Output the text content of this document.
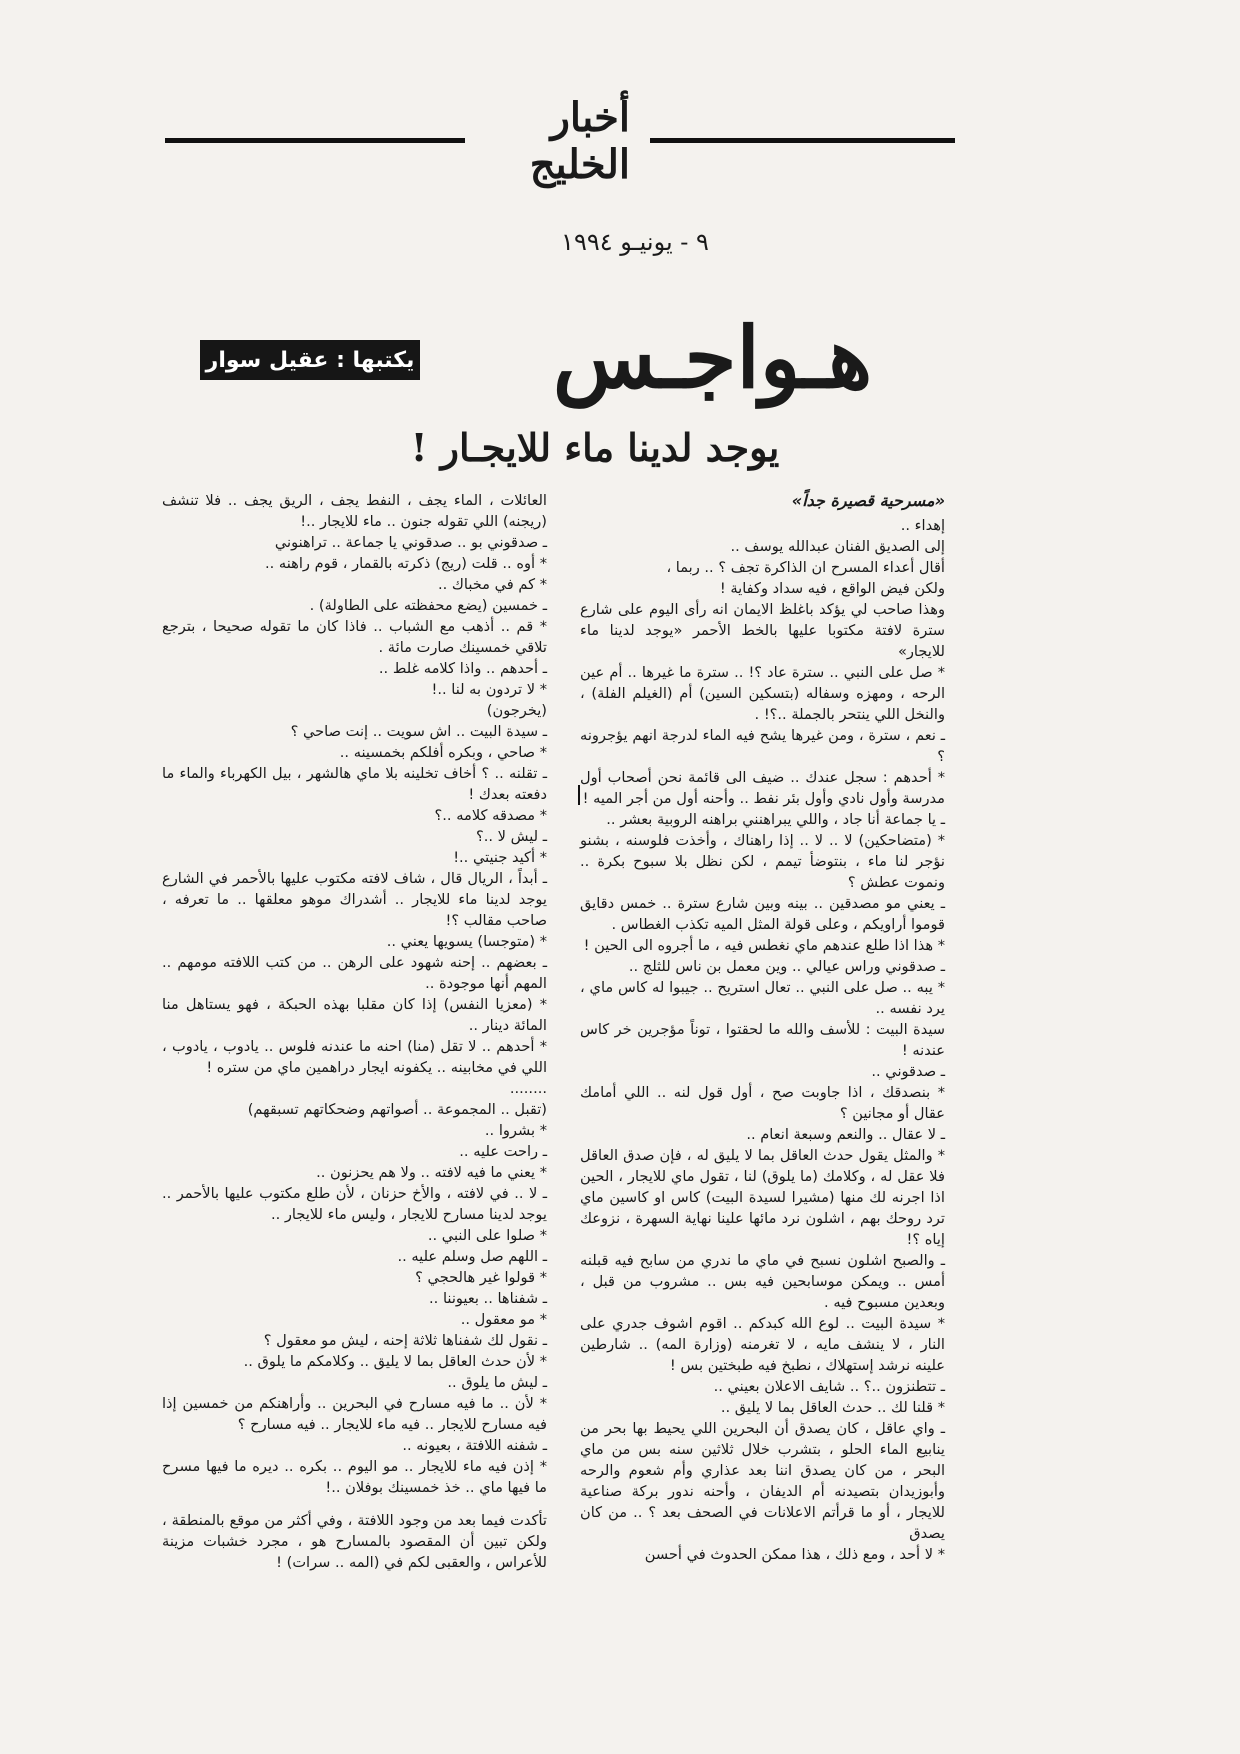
أخبار الخليج
٩ - يونيـو ١٩٩٤
هـواجـس
يكتبها : عقيل سوار
يوجد لدينا ماء للايجـار !

«مسرحية قصيرة جداً»

إهداء ..

إلى الصديق الفنان عبدالله يوسف ..

أقال أعداء المسرح ان الذاكرة تجف ؟ .. ربما ،

ولكن فيض الواقع ، فيه سداد وكفاية !

وهذا صاحب لي يؤكد باغلظ الايمان انه رأى اليوم على شارع سترة لافتة مكتوبا عليها بالخط الأحمر «يوجد لدينا ماء للايجار»

* صل على النبي .. سترة عاد ؟! .. سترة ما غيرها .. أم عين الرحه ، ومهزه وسفاله (بتسكين السين) أم (الغيلم الفلة) ، والنخل اللي ينتحر بالجملة ..؟! .

ـ نعم ، سترة ، ومن غيرها يشح فيه الماء لدرجة انهم يؤجرونه ؟

* أحدهم : سجل عندك .. ضيف الى قائمة نحن أصحاب أول مدرسة وأول نادي وأول بئر نفط .. وأحنه أول من أجر الميه !

ـ يا جماعة أنا جاد ، واللي يبراهنني براهنه الروبية بعشر ..

* (متضاحكين) لا .. لا .. إذا راهناك ، وأخذت فلوسنه ، بشنو نؤجر لنا ماء ، بنتوضأ تيمم ، لكن نظل بلا سبوح بكرة .. ونموت عطش ؟

ـ يعني مو مصدقين .. بينه وبين شارع سترة .. خمس دقايق قوموا أراويكم ، وعلى قولة المثل الميه تكذب الغطاس .

* هذا اذا طلع عندهم ماي نغطس فيه ، ما أجروه الى الحين !

ـ صدقوني وراس عيالي .. وين معمل بن ناس للثلج ..

* يبه .. صل على النبي .. تعال استريح .. جيبوا له كاس ماي ، يرد نفسه ..

سيدة البيت : للأسف والله ما لحقتوا ، توناً مؤجرين خر كاس عندنه !

ـ صدقوني ..

* بنصدقك ، اذا جاوبت صح ، أول قول لنه .. اللي أمامك عقال أو مجانين ؟

ـ لا عقال .. والنعم وسبعة انعام ..

* والمثل يقول حدث العاقل بما لا يليق له ، فإن صدق العاقل فلا عقل له ، وكلامك (ما يلوق) لنا ، تقول ماي للايجار ، الحين اذا اجرنه لك منها (مشيرا لسيدة البيت) كاس او كاسين ماي ترد روحك بهم ، اشلون نرد مائها علينا نهاية السهرة ، نزوعك إياه ؟!

ـ والصبح اشلون نسبح في ماي ما ندري من سابح فيه قبلنه أمس .. ويمكن موسابحين فيه بس .. مشروب من قبل ، وبعدين مسبوح فيه .

* سيدة البيت .. لوع الله كبدكم .. اقوم اشوف جدري على النار ، لا ينشف مايه ، لا تغرمنه (وزارة المه) .. شارطين علينه نرشد إستهلاك ، نطبخ فيه طبختين بس !

ـ تتطنزون ..؟ .. شايف الاعلان بعيني ..

* قلنا لك .. حدث العاقل بما لا يليق ..

ـ واي عاقل ، كان يصدق أن البحرين اللي يحيط بها بحر من ينابيع الماء الحلو ، بتشرب خلال ثلاثين سنه بس من ماي البحر ، من كان يصدق اننا بعد عذاري وأم شعوم والرحه وأبوزيدان بتصيدنه أم الديفان ، وأحنه ندور بركة صناعية للايجار ، أو ما قرأتم الاعلانات في الصحف بعد ؟ .. من كان يصدق

* لا أحد ، ومع ذلك ، هذا ممكن الحدوث في أحسن

العائلات ، الماء يجف ، النفط يجف ، الريق يجف .. فلا تنشف (ريجنه) اللي تقوله جنون .. ماء للايجار ..!

ـ صدقوني بو .. صدقوني يا جماعة .. تراهنوني

* أوه .. قلت (ريج) ذكرته بالقمار ، قوم راهنه ..

* كم في مخباك ..

ـ خمسين (يضع محفظته على الطاولة) .

* قم .. أذهب مع الشباب .. فاذا كان ما تقوله صحيحا ، بترجع تلاقي خمسينك صارت مائة .

ـ أحدهم .. واذا كلامه غلط ..

* لا تردون به لنا ..!

(يخرجون)

ـ سيدة البيت .. اش سويت .. إنت صاحي ؟

* صاحي ، وبكره أفلكم بخمسينه ..

ـ تقلنه .. ؟ أخاف تخلينه بلا ماي هالشهر ، بيل الكهرباء والماء ما دفعته بعدك !

* مصدقه كلامه ..؟

ـ ليش لا ..؟

* أكيد جنيتي ..!

ـ أبداً ، الريال قال ، شاف لافته مكتوب عليها بالأحمر في الشارع يوجد لدينا ماء للايجار .. أشدراك موهو معلقها .. ما تعرفه ، صاحب مقالب ؟!

* (متوجسا) يسويها يعني ..

ـ بعضهم .. إحنه شهود على الرهن .. من كتب اللافته مومهم .. المهم أنها موجودة ..

* (معزيا النفس) إذا كان مقلبا بهذه الحبكة ، فهو يستاهل منا المائة دينار ..

* أحدهم .. لا تقل (منا) احنه ما عندنه فلوس .. يادوب ، يادوب ، اللي في مخابينه .. يكفونه ايجار دراهمين ماي من ستره !

........

(تقبل .. المجموعة .. أصواتهم وضحكاتهم تسبقهم)

* بشروا ..

ـ راحت عليه ..

* يعني ما فيه لافته .. ولا هم يحزنون ..

ـ لا .. في لافته ، والأخ حزنان ، لأن طلع مكتوب عليها بالأحمر .. يوجد لدينا مسارح للايجار ، وليس ماء للايجار ..

* صلوا على النبي ..

ـ اللهم صل وسلم عليه ..

* قولوا غير هالحجي ؟

ـ شفناها .. بعيوننا ..

* مو معقول ..

ـ نقول لك شفناها ثلاثة إحنه ، ليش مو معقول ؟

* لأن حدث العاقل بما لا يليق .. وكلامكم ما يلوق ..

ـ ليش ما يلوق ..

* لأن .. ما فيه مسارح في البحرين .. وأراهنكم من خمسين إذا فيه مسارح للايجار .. فيه ماء للايجار .. فيه مسارح ؟

ـ شفنه اللافتة ، بعيونه ..

* إذن فيه ماء للايجار .. مو اليوم .. بكره .. ديره ما فيها مسرح ما فيها ماي .. خذ خمسينك بوفلان ..!

تأكدت فيما بعد من وجود اللافتة ، وفي أكثر من موقع بالمنطقة ، ولكن تبين أن المقصود بالمسارح هو ، مجرد خشبات مزينة للأعراس ، والعقبى لكم في (المه .. سرات) !
